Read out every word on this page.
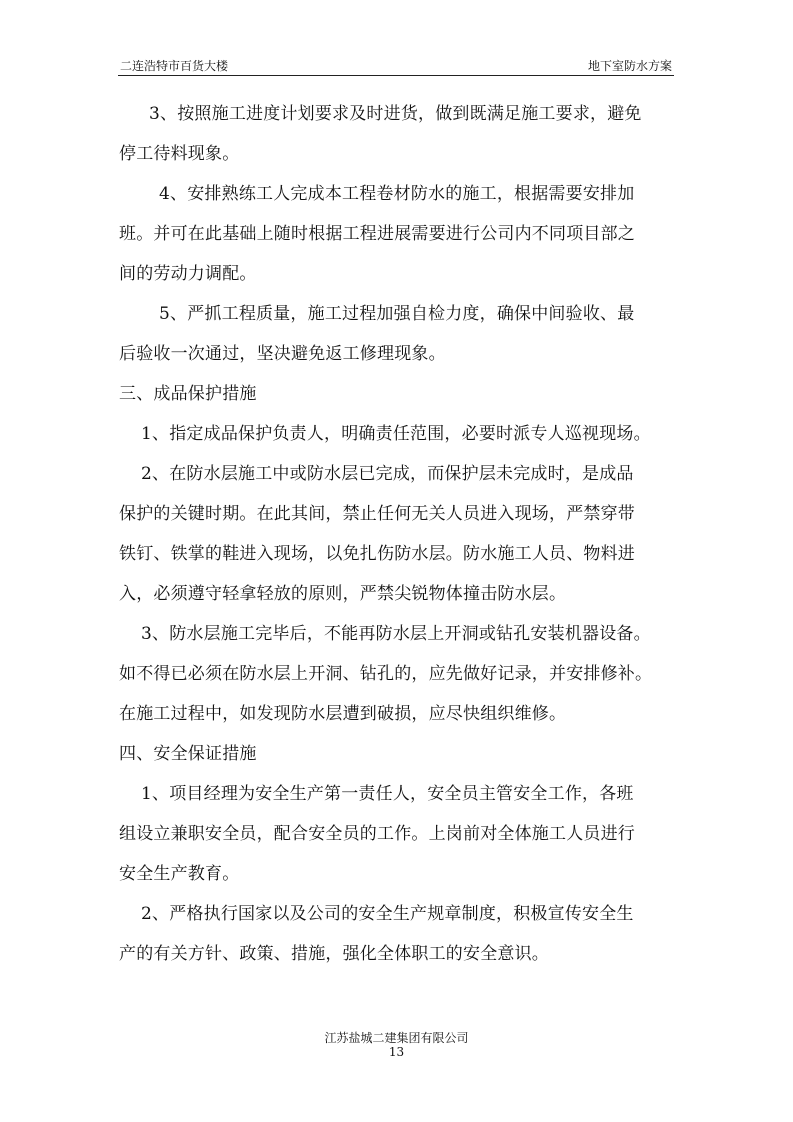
二连浩特市百货大楼	地下室防水方案

3、按照施工进度计划要求及时进货，做到既满足施工要求，避免

停工待料现象。

4、安排熟练工人完成本工程卷材防水的施工，根据需要安排加

班。并可在此基础上随时根据工程进展需要进行公司内不同项目部之

间的劳动力调配。

5、严抓工程质量，施工过程加强自检力度，确保中间验收、最

后验收一次通过，坚决避免返工修理现象。

三、成品保护措施

1、指定成品保护负责人，明确责任范围，必要时派专人巡视现场。

2、在防水层施工中或防水层已完成，而保护层未完成时，是成品

保护的关键时期。在此其间，禁止任何无关人员进入现场，严禁穿带

铁钉、铁掌的鞋进入现场，以免扎伤防水层。防水施工人员、物料进

入，必须遵守轻拿轻放的原则，严禁尖锐物体撞击防水层。

3、防水层施工完毕后，不能再防水层上开洞或钻孔安装机器设备。

如不得已必须在防水层上开洞、钻孔的，应先做好记录，并安排修补。

在施工过程中，如发现防水层遭到破损，应尽快组织维修。

四、安全保证措施

1、项目经理为安全生产第一责任人，安全员主管安全工作，各班

组设立兼职安全员，配合安全员的工作。上岗前对全体施工人员进行

安全生产教育。

2、严格执行国家以及公司的安全生产规章制度，积极宣传安全生

产的有关方针、政策、措施，强化全体职工的安全意识。

江苏盐城二建集团有限公司
13
